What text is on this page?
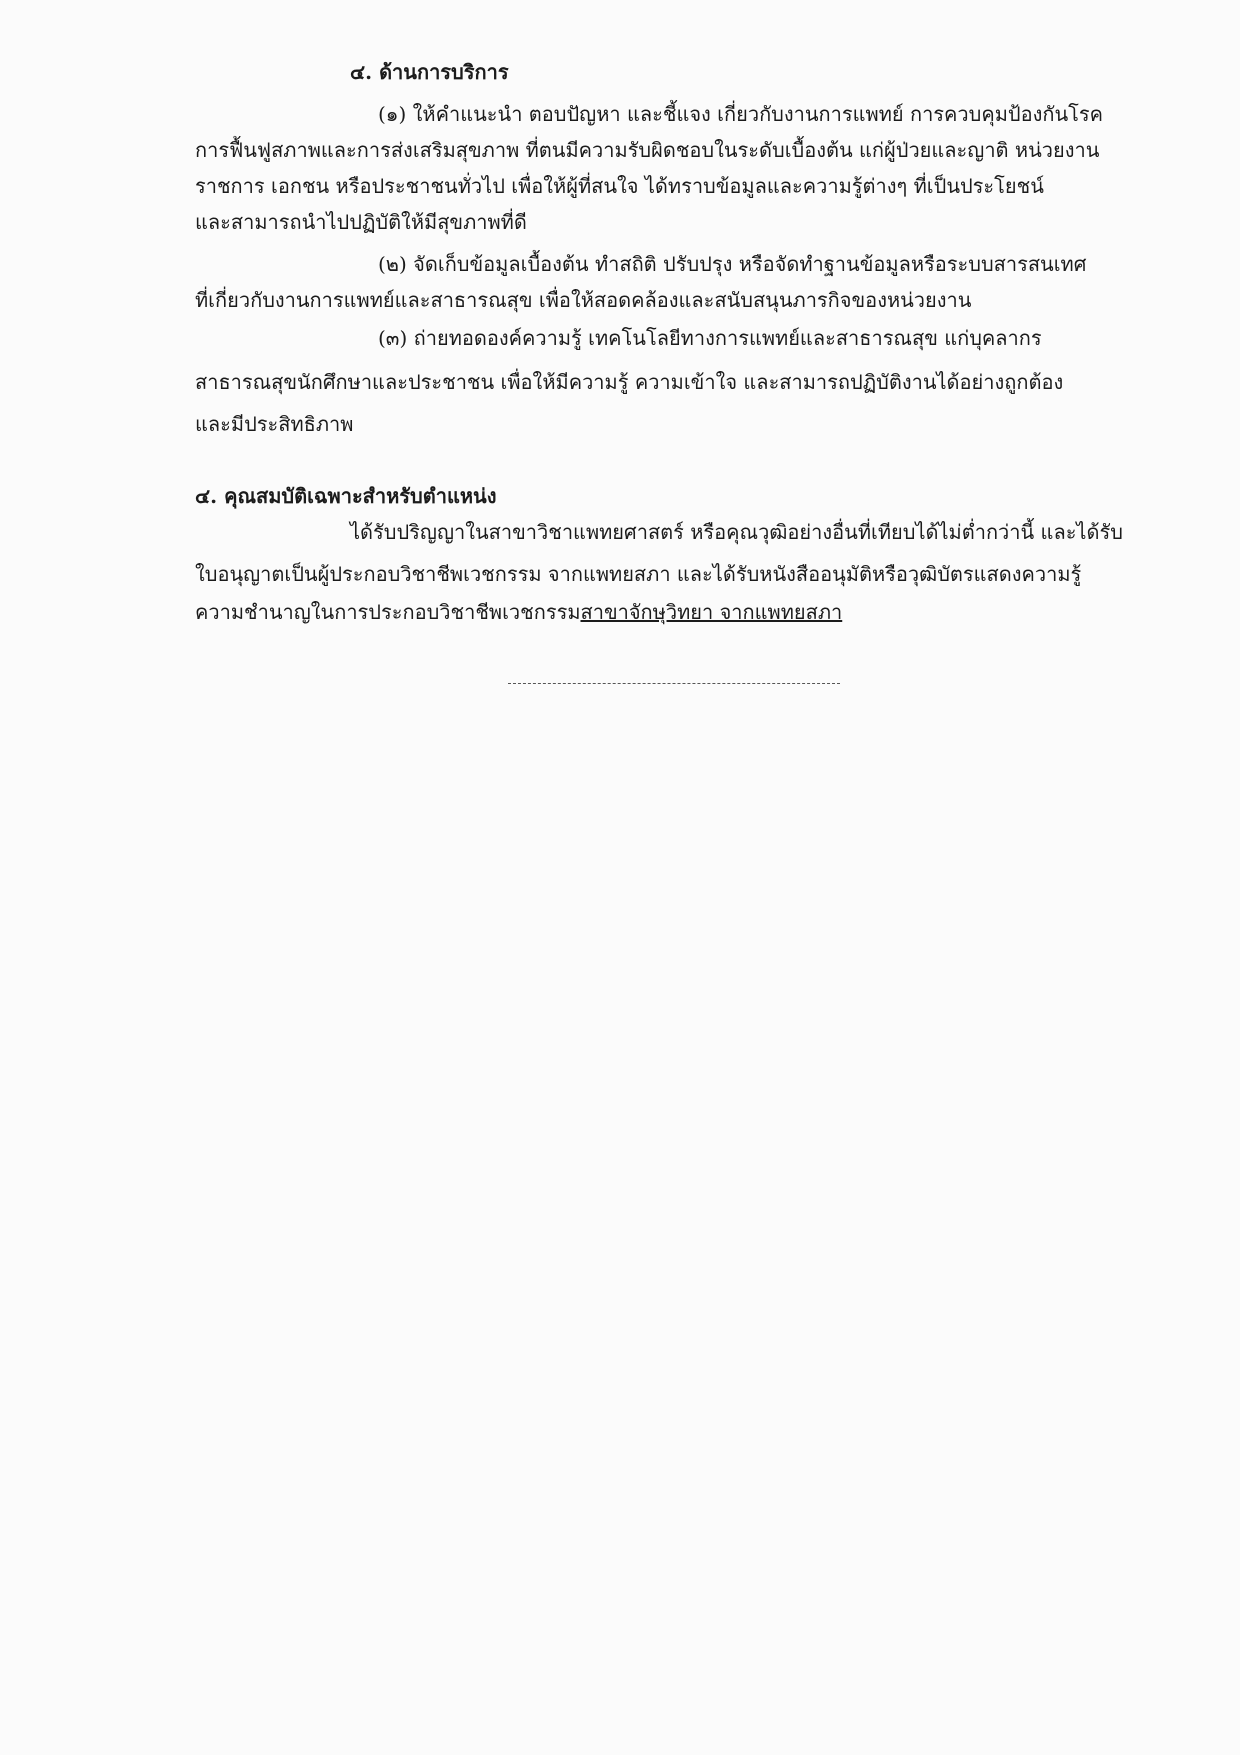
๔. ด้านการบริการ
(๑) ให้คำแนะนำ ตอบปัญหา และชี้แจง เกี่ยวกับงานการแพทย์ การควบคุมป้องกันโรค
การฟื้นฟูสภาพและการส่งเสริมสุขภาพ ที่ตนมีความรับผิดชอบในระดับเบื้องต้น แก่ผู้ป่วยและญาติ หน่วยงาน
ราชการ เอกชน หรือประชาชนทั่วไป เพื่อให้ผู้ที่สนใจ ได้ทราบข้อมูลและความรู้ต่างๆ ที่เป็นประโยชน์
และสามารถนำไปปฏิบัติให้มีสุขภาพที่ดี
(๒) จัดเก็บข้อมูลเบื้องต้น ทำสถิติ ปรับปรุง หรือจัดทำฐานข้อมูลหรือระบบสารสนเทศ
ที่เกี่ยวกับงานการแพทย์และสาธารณสุข เพื่อให้สอดคล้องและสนับสนุนภารกิจของหน่วยงาน
(๓) ถ่ายทอดองค์ความรู้ เทคโนโลยีทางการแพทย์และสาธารณสุข แก่บุคลากร
สาธารณสุขนักศึกษาและประชาชน เพื่อให้มีความรู้ ความเข้าใจ และสามารถปฏิบัติงานได้อย่างถูกต้อง
และมีประสิทธิภาพ
๔. คุณสมบัติเฉพาะสำหรับตำแหน่ง
ได้รับปริญญาในสาขาวิชาแพทยศาสตร์ หรือคุณวุฒิอย่างอื่นที่เทียบได้ไม่ต่ำกว่านี้ และได้รับ
ใบอนุญาตเป็นผู้ประกอบวิชาชีพเวชกรรม จากแพทยสภา และได้รับหนังสืออนุมัติหรือวุฒิบัตรแสดงความรู้
ความชำนาญในการประกอบวิชาชีพเวชกรรมสาขาจักษุวิทยา จากแพทยสภา
